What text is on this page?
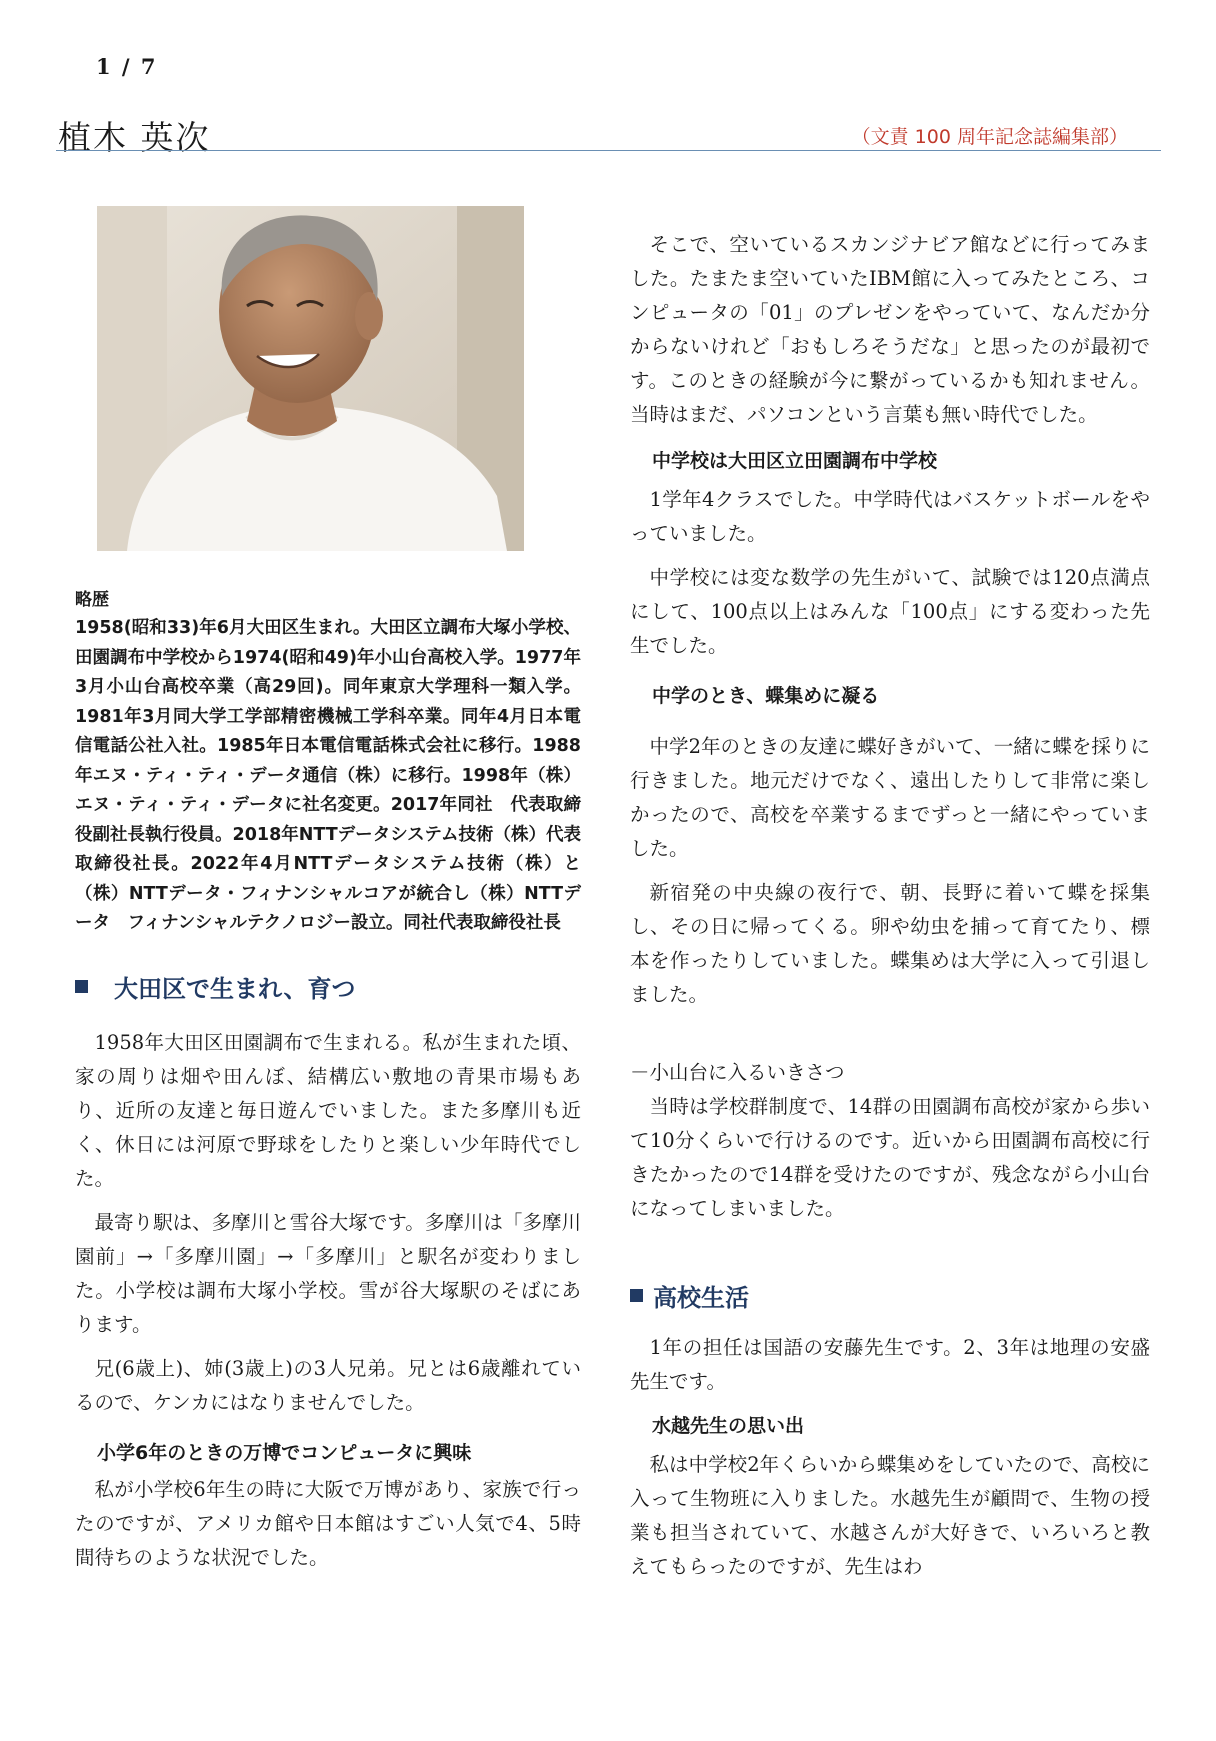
1 / 7
植木 英次	（文責 100 周年記念誌編集部）
略歴

1958(昭和33)年6月大田区生まれ。大田区立調布大塚小学校、田園調布中学校から1974(昭和49)年小山台高校入学。1977年3月小山台高校卒業（高29回)。同年東京大学理科一類入学。1981年3月同大学工学部精密機械工学科卒業。同年4月日本電信電話公社入社。1985年日本電信電話株式会社に移行。1988年エヌ・ティ・ティ・データ通信（株）に移行。1998年（株）エヌ・ティ・ティ・データに社名変更。2017年同社　代表取締役副社長執行役員。2018年NTTデータシステム技術（株）代表取締役社長。2022年4月NTTデータシステム技術（株）と（株）NTTデータ・フィナンシャルコアが統合し（株）NTTデータ　フィナンシャルテクノロジー設立。同社代表取締役社長

大田区で生まれ、育つ

1958年大田区田園調布で生まれる。私が生まれた頃、家の周りは畑や田んぼ、結構広い敷地の青果市場もあり、近所の友達と毎日遊んでいました。また多摩川も近く、休日には河原で野球をしたりと楽しい少年時代でした。

最寄り駅は、多摩川と雪谷大塚です。多摩川は「多摩川園前」→「多摩川園」→「多摩川」と駅名が変わりました。小学校は調布大塚小学校。雪が谷大塚駅のそばにあります。

兄(6歳上)、姉(3歳上)の3人兄弟。兄とは6歳離れているので、ケンカにはなりませんでした。

小学6年のときの万博でコンピュータに興味

私が小学校6年生の時に大阪で万博があり、家族で行ったのですが、アメリカ館や日本館はすごい人気で4、5時間待ちのような状況でした。

そこで、空いているスカンジナビア館などに行ってみました。たまたま空いていたIBM館に入ってみたところ、コンピュータの「01」のプレゼンをやっていて、なんだか分からないけれど「おもしろそうだな」と思ったのが最初です。このときの経験が今に繋がっているかも知れません。当時はまだ、パソコンという言葉も無い時代でした。

中学校は大田区立田園調布中学校

1学年4クラスでした。中学時代はバスケットボールをやっていました。

中学校には変な数学の先生がいて、試験では120点満点にして、100点以上はみんな「100点」にする変わった先生でした。

中学のとき、蝶集めに凝る

中学2年のときの友達に蝶好きがいて、一緒に蝶を採りに行きました。地元だけでなく、遠出したりして非常に楽しかったので、高校を卒業するまでずっと一緒にやっていました。

新宿発の中央線の夜行で、朝、長野に着いて蝶を採集し、その日に帰ってくる。卵や幼虫を捕って育てたり、標本を作ったりしていました。蝶集めは大学に入って引退しました。

－小山台に入るいきさつ

当時は学校群制度で、14群の田園調布高校が家から歩いて10分くらいで行けるのです。近いから田園調布高校に行きたかったので14群を受けたのですが、残念ながら小山台になってしまいました。

高校生活

1年の担任は国語の安藤先生です。2、3年は地理の安盛先生です。

水越先生の思い出

私は中学校2年くらいから蝶集めをしていたので、高校に入って生物班に入りました。水越先生が顧問で、生物の授業も担当されていて、水越さんが大好きで、いろいろと教えてもらったのですが、先生はわ
